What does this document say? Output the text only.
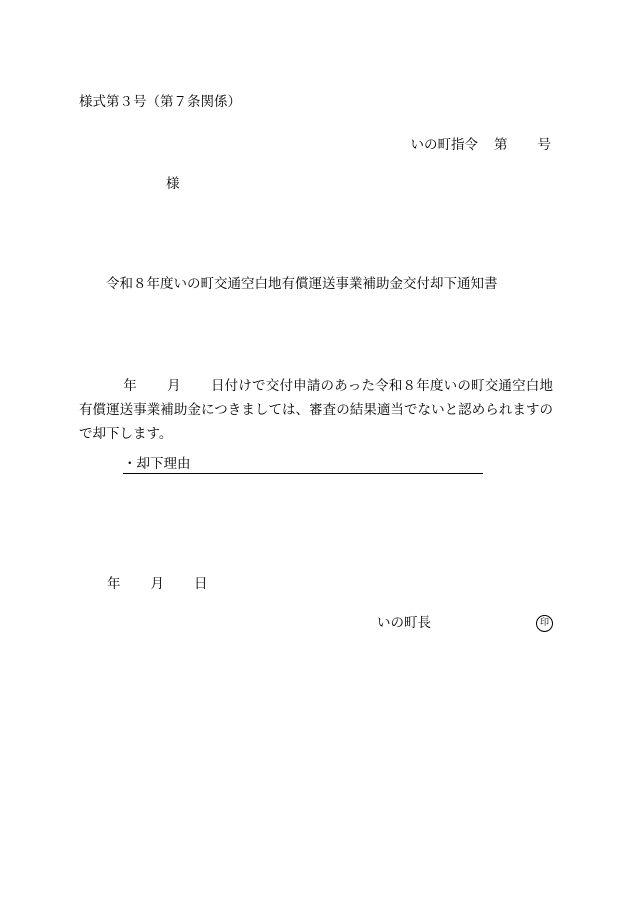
様式第３号（第７条関係）
いの町指令 第 号
様
令和８年度いの町交通空白地有償運送事業補助金交付却下通知書
年 月 日付けで交付申請のあった令和８年度いの町交通空白地有償運送事業補助金につきましては、審査の結果適当でないと認められますので却下します。
・却下理由
年 月 日
いの町長	印
